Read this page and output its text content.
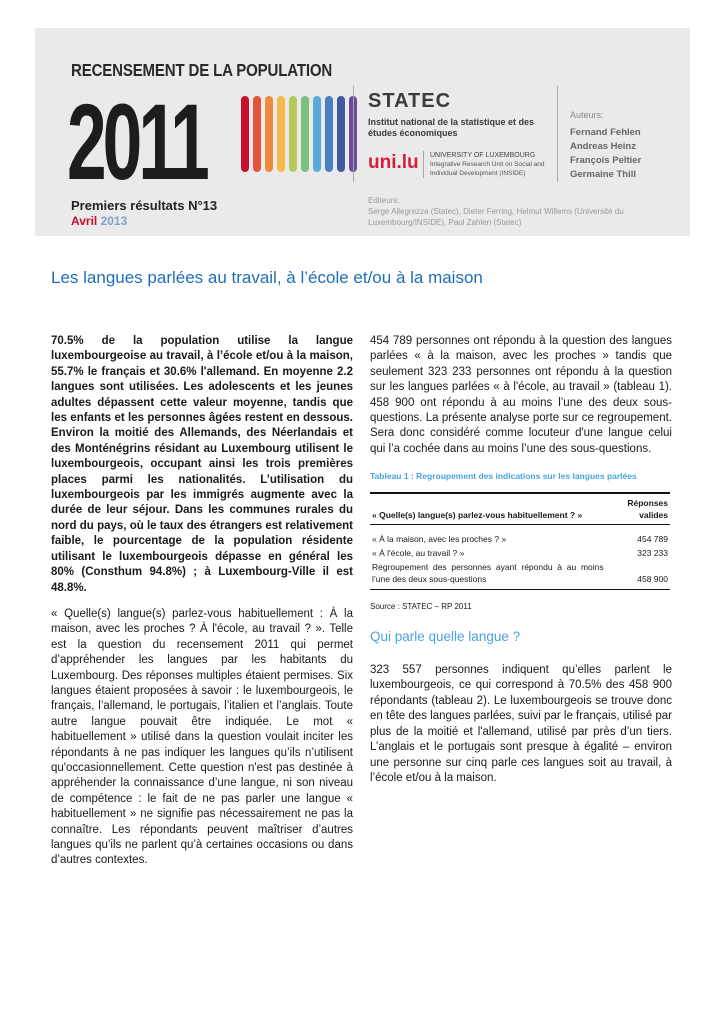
RECENSEMENT DE LA POPULATION
2011	STATEC
Institut national de la statistique et des études économiques
uni.lu UNIVERSITY OF LUXEMBOURG
Integrative Research Unit on Social and Individual Development (INSIDE)
Auteurs:
Fernand Fehlen
Andreas Heinz
François Peltier
Germaine Thill
Premiers résultats N°13
Avril 2013
Editeurs:
Serge Allegrezza (Statec), Dieter Ferring, Helmut Willems (Université du Luxembourg/INSIDE), Paul Zahlen (Statec)
Les langues parlées au travail, à l’école et/ou à la maison

70.5% de la population utilise la langue luxembourgeoise au travail, à l’école et/ou à la maison, 55.7% le français et 30.6% l'allemand. En moyenne 2.2 langues sont utilisées. Les adolescents et les jeunes adultes dépassent cette valeur moyenne, tandis que les enfants et les personnes âgées restent en dessous. Environ la moitié des Allemands, des Néerlandais et des Monténégrins résidant au Luxembourg utilisent le luxembourgeois, occupant ainsi les trois premières places parmi les nationalités. L’utilisation du luxembourgeois par les immigrés augmente avec la durée de leur séjour. Dans les communes rurales du nord du pays, où le taux des étrangers est relativement faible, le pourcentage de la population résidente utilisant le luxembourgeois dépasse en général les 80% (Consthum 94.8%) ; à Luxembourg-Ville il est 48.8%.

« Quelle(s) langue(s) parlez-vous habituellement : À la maison, avec les proches ? À l'école, au travail ? ». Telle est la question du recensement 2011 qui permet d’appréhender les langues par les habitants du Luxembourg. Des réponses multiples étaient permises. Six langues étaient proposées à savoir : le luxembourgeois, le français, l’allemand, le portugais, l’italien et l’anglais. Toute autre langue pouvait être indiquée. Le mot « habituellement » utilisé dans la question voulait inciter les répondants à ne pas indiquer les langues qu’ils n’utilisent qu'occasionnellement. Cette question n'est pas destinée à appréhender la connaissance d’une langue, ni son niveau de compétence : le fait de ne pas parler une langue « habituellement » ne signifie pas nécessairement ne pas la connaître. Les répondants peuvent maîtriser d’autres langues qu’ils ne parlent qu’à certaines occasions ou dans d’autres contextes.

454 789 personnes ont répondu à la question des langues parlées « à la maison, avec les proches » tandis que seulement 323 233 personnes ont répondu à la question sur les langues parlées « à l'école, au travail » (tableau 1). 458 900 ont répondu à au moins l’une des deux sous-questions. La présente analyse porte sur ce regroupement. Sera donc considéré comme locuteur d'une langue celui qui l’a cochée dans au moins l’une des sous-questions.

Tableau 1 : Regroupement des indications sur les langues parlées
« Quelle(s) langue(s) parlez-vous habituellement ? »	Réponses valides
« À la maison, avec les proches ? »	454 789
« À l'école, au travail ? »	323 233
Regroupement des personnes ayant répondu à au moins l’une des deux sous-questions	458 900
Source : STATEC – RP 2011
Qui parle quelle langue ?

323 557 personnes indiquent qu’elles parlent le luxembourgeois, ce qui correspond à 70.5% des 458 900 répondants (tableau 2). Le luxembourgeois se trouve donc en tête des langues parlées, suivi par le français, utilisé par plus de la moitié et l'allemand, utilisé par près d’un tiers. L’anglais et le portugais sont presque à égalité – environ une personne sur cinq parle ces langues soit au travail, à l’école et/ou à la maison.
